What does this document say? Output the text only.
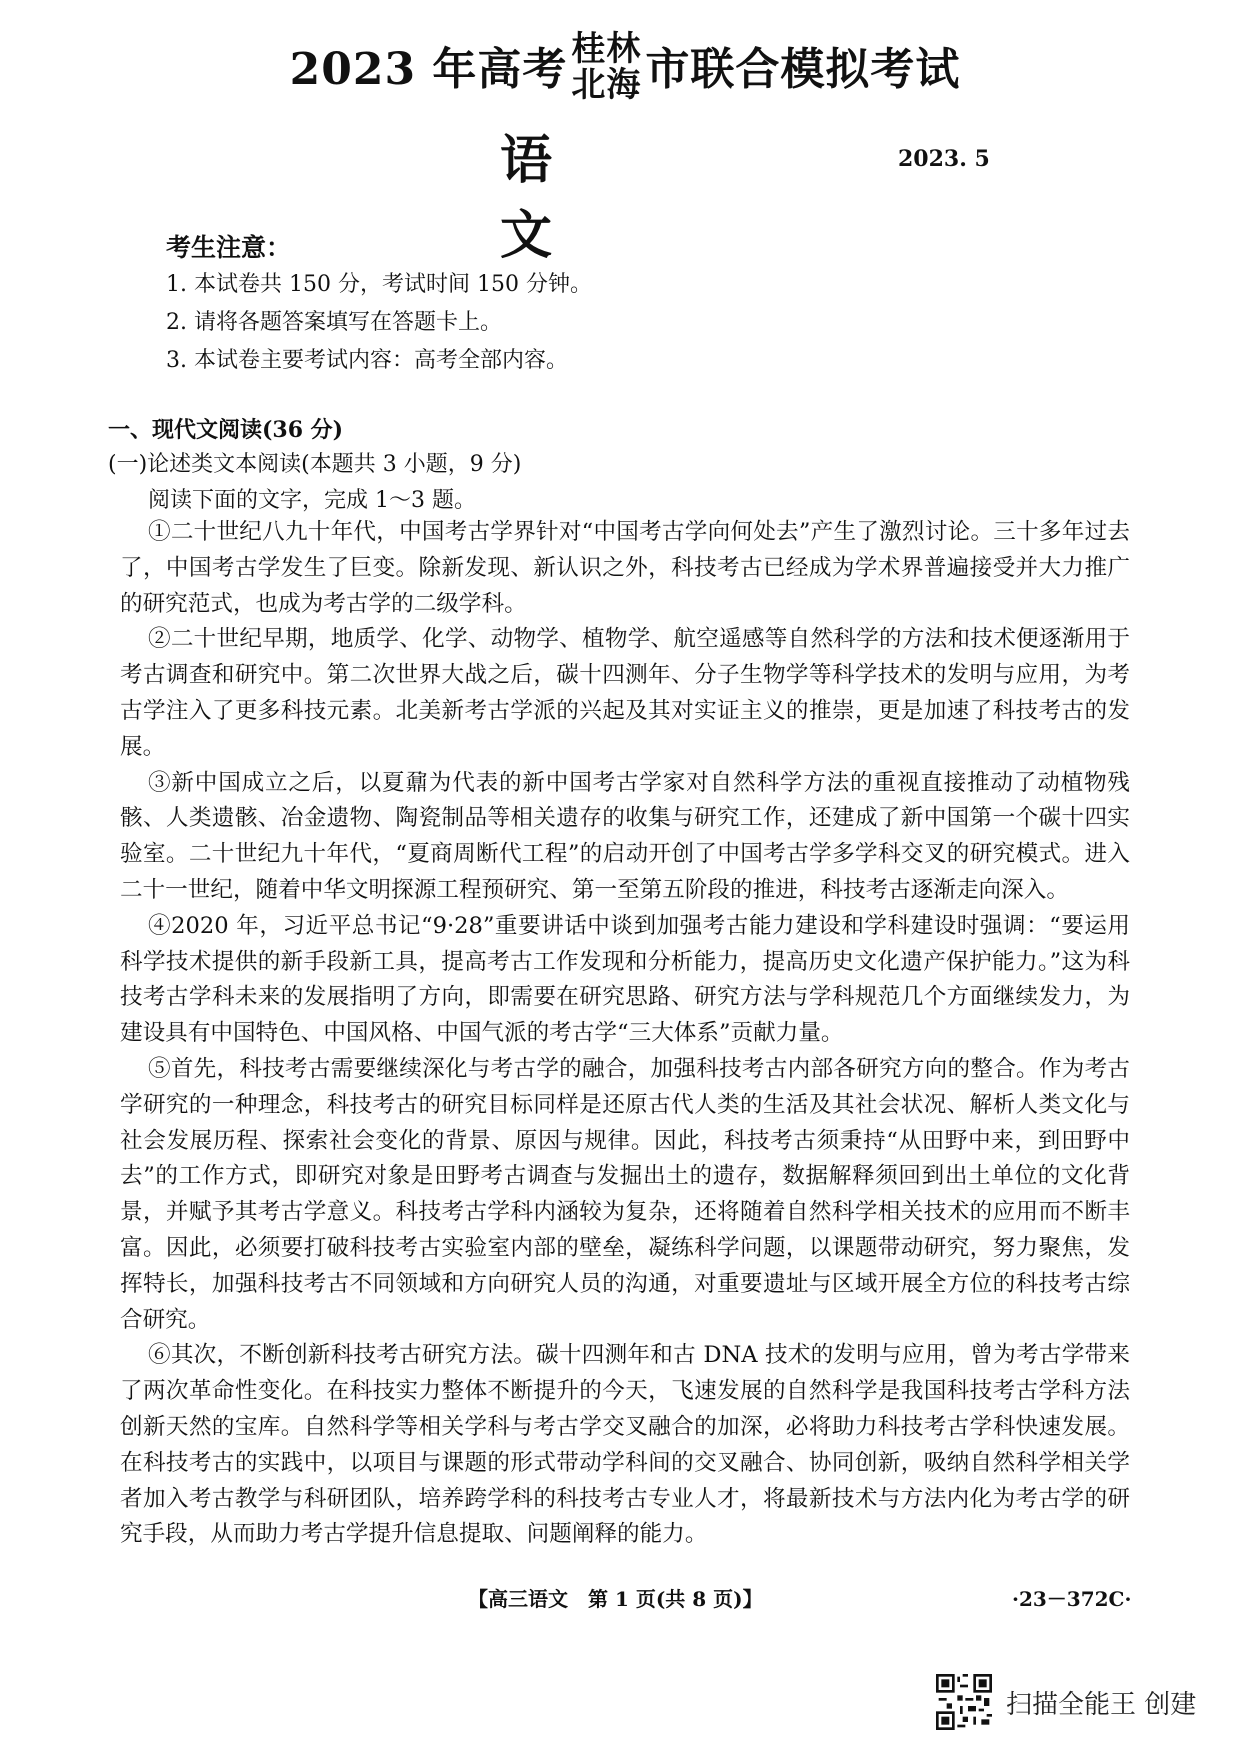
2023 年高考 桂林
北海 市联合模拟考试
语文
2023. 5
考生注意：
1. 本试卷共 150 分，考试时间 150 分钟。
2. 请将各题答案填写在答题卡上。
3. 本试卷主要考试内容：高考全部内容。
一、现代文阅读(36 分)
(一)论述类文本阅读(本题共 3 小题，9 分)
阅读下面的文字，完成 1～3 题。

①二十世纪八九十年代，中国考古学界针对“中国考古学向何处去”产生了激烈讨论。三十多年过去了，中国考古学发生了巨变。除新发现、新认识之外，科技考古已经成为学术界普遍接受并大力推广的研究范式，也成为考古学的二级学科。

②二十世纪早期，地质学、化学、动物学、植物学、航空遥感等自然科学的方法和技术便逐渐用于考古调查和研究中。第二次世界大战之后，碳十四测年、分子生物学等科学技术的发明与应用，为考古学注入了更多科技元素。北美新考古学派的兴起及其对实证主义的推崇，更是加速了科技考古的发展。

③新中国成立之后，以夏鼐为代表的新中国考古学家对自然科学方法的重视直接推动了动植物残骸、人类遗骸、冶金遗物、陶瓷制品等相关遗存的收集与研究工作，还建成了新中国第一个碳十四实验室。二十世纪九十年代，“夏商周断代工程”的启动开创了中国考古学多学科交叉的研究模式。进入二十一世纪，随着中华文明探源工程预研究、第一至第五阶段的推进，科技考古逐渐走向深入。

④2020 年，习近平总书记“9·28”重要讲话中谈到加强考古能力建设和学科建设时强调：“要运用科学技术提供的新手段新工具，提高考古工作发现和分析能力，提高历史文化遗产保护能力。”这为科技考古学科未来的发展指明了方向，即需要在研究思路、研究方法与学科规范几个方面继续发力，为建设具有中国特色、中国风格、中国气派的考古学“三大体系”贡献力量。

⑤首先，科技考古需要继续深化与考古学的融合，加强科技考古内部各研究方向的整合。作为考古学研究的一种理念，科技考古的研究目标同样是还原古代人类的生活及其社会状况、解析人类文化与社会发展历程、探索社会变化的背景、原因与规律。因此，科技考古须秉持“从田野中来，到田野中去”的工作方式，即研究对象是田野考古调查与发掘出土的遗存，数据解释须回到出土单位的文化背景，并赋予其考古学意义。科技考古学科内涵较为复杂，还将随着自然科学相关技术的应用而不断丰富。因此，必须要打破科技考古实验室内部的壁垒，凝练科学问题，以课题带动研究，努力聚焦，发挥特长，加强科技考古不同领域和方向研究人员的沟通，对重要遗址与区域开展全方位的科技考古综合研究。

⑥其次，不断创新科技考古研究方法。碳十四测年和古 DNA 技术的发明与应用，曾为考古学带来了两次革命性变化。在科技实力整体不断提升的今天，飞速发展的自然科学是我国科技考古学科方法创新天然的宝库。自然科学等相关学科与考古学交叉融合的加深，必将助力科技考古学科快速发展。在科技考古的实践中，以项目与课题的形式带动学科间的交叉融合、协同创新，吸纳自然科学相关学者加入考古教学与科研团队，培养跨学科的科技考古专业人才，将最新技术与方法内化为考古学的研究手段，从而助力考古学提升信息提取、问题阐释的能力。

【高三语文　第 1 页(共 8 页)】	·23－372C·
扫描全能王 创建
